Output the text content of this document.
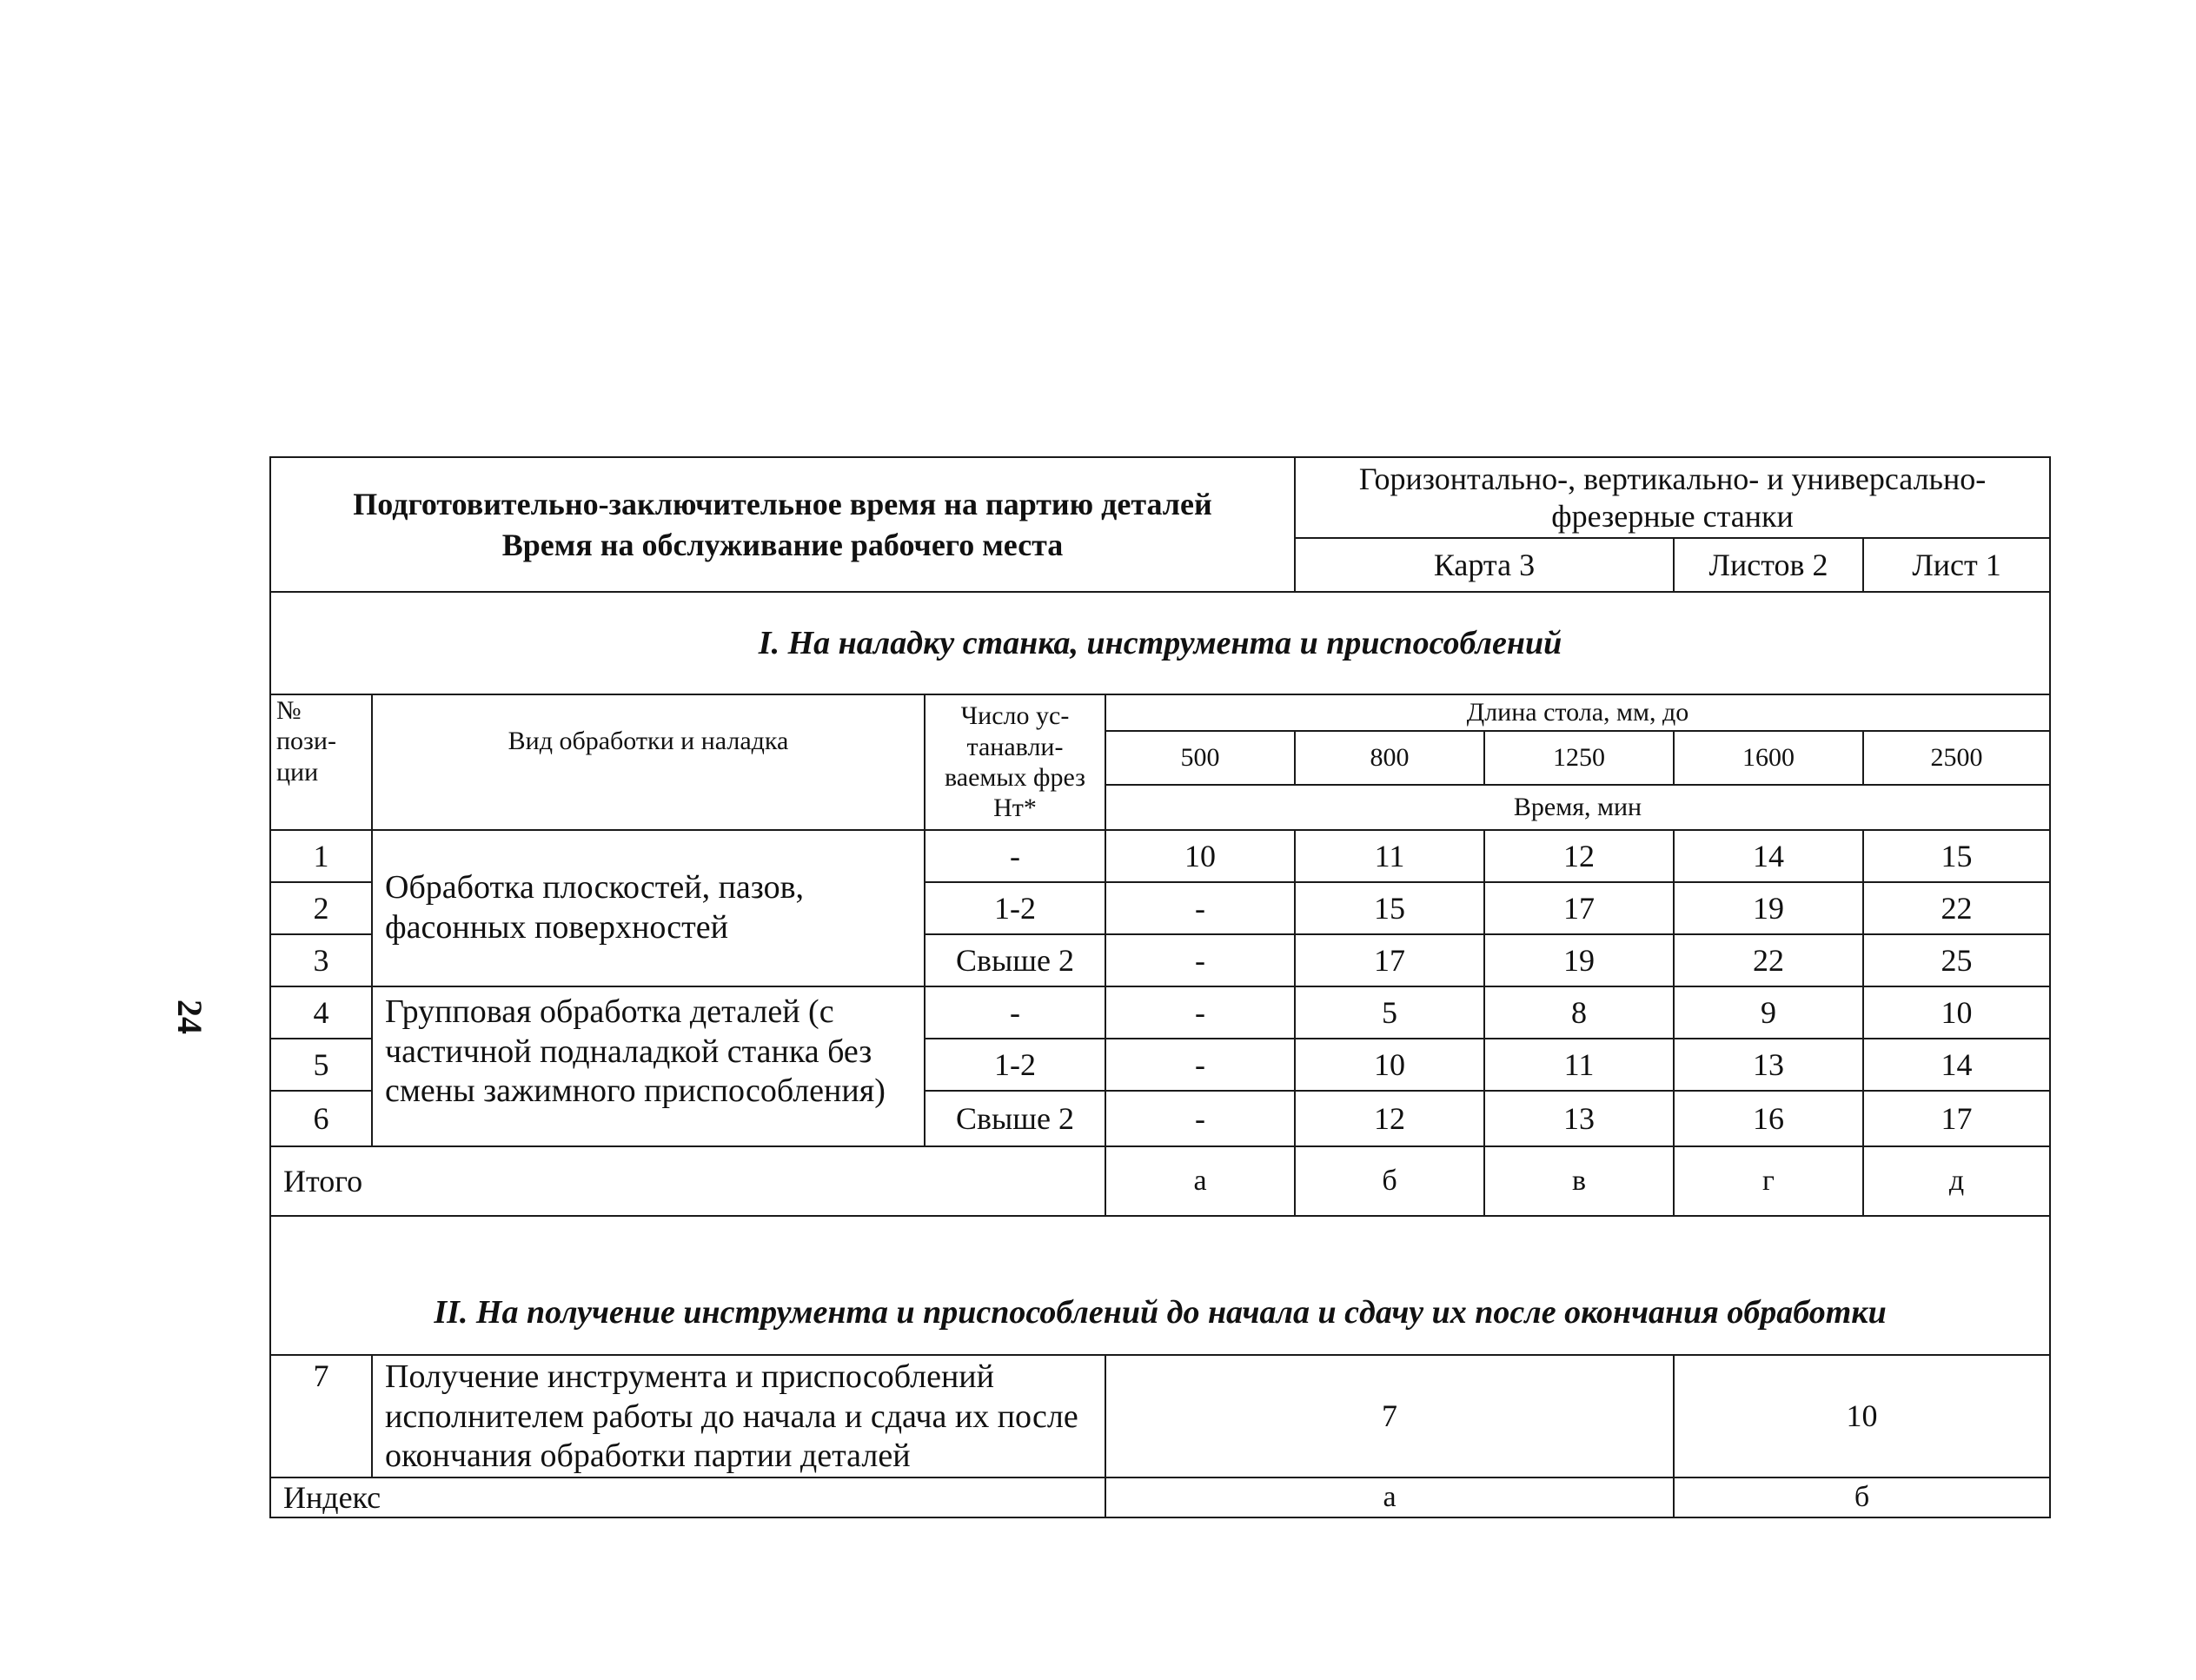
24
Подготовительно-заключительное время на партию деталей
Время на обслуживание рабочего места				Горизонтально-, вертикально- и универсально-фрезерные станки			
				Карта 3		Листов 2	Лист 1
I. На наладку станка, инструмента и приспособлений							
№ пози-ции	Вид обработки и наладка	Число ус-танавли-ваемых фрез Нт*	Длина стола, мм, до				
			500	800	1250	1600	2500
			Время, мин				
1	Обработка плоскостей, пазов, фасонных поверхностей	-	10	11	12	14	15
2		1-2	-	15	17	19	22
3		Свыше 2	-	17	19	22	25
4	Групповая обработка деталей (с частичной подналадкой станка без смены зажимного приспособления)	-	-	5	8	9	10
5		1-2	-	10	11	13	14
6		Свыше 2	-	12	13	16	17
Итого			а	б	в	г	д
II. На получение инструмента и приспособлений до начала и сдачу их после окончания обработки							
7	Получение инструмента и приспособлений исполнителем работы до начала и сдача их после окончания обработки партии деталей		7			10	
Индекс			а			б	
